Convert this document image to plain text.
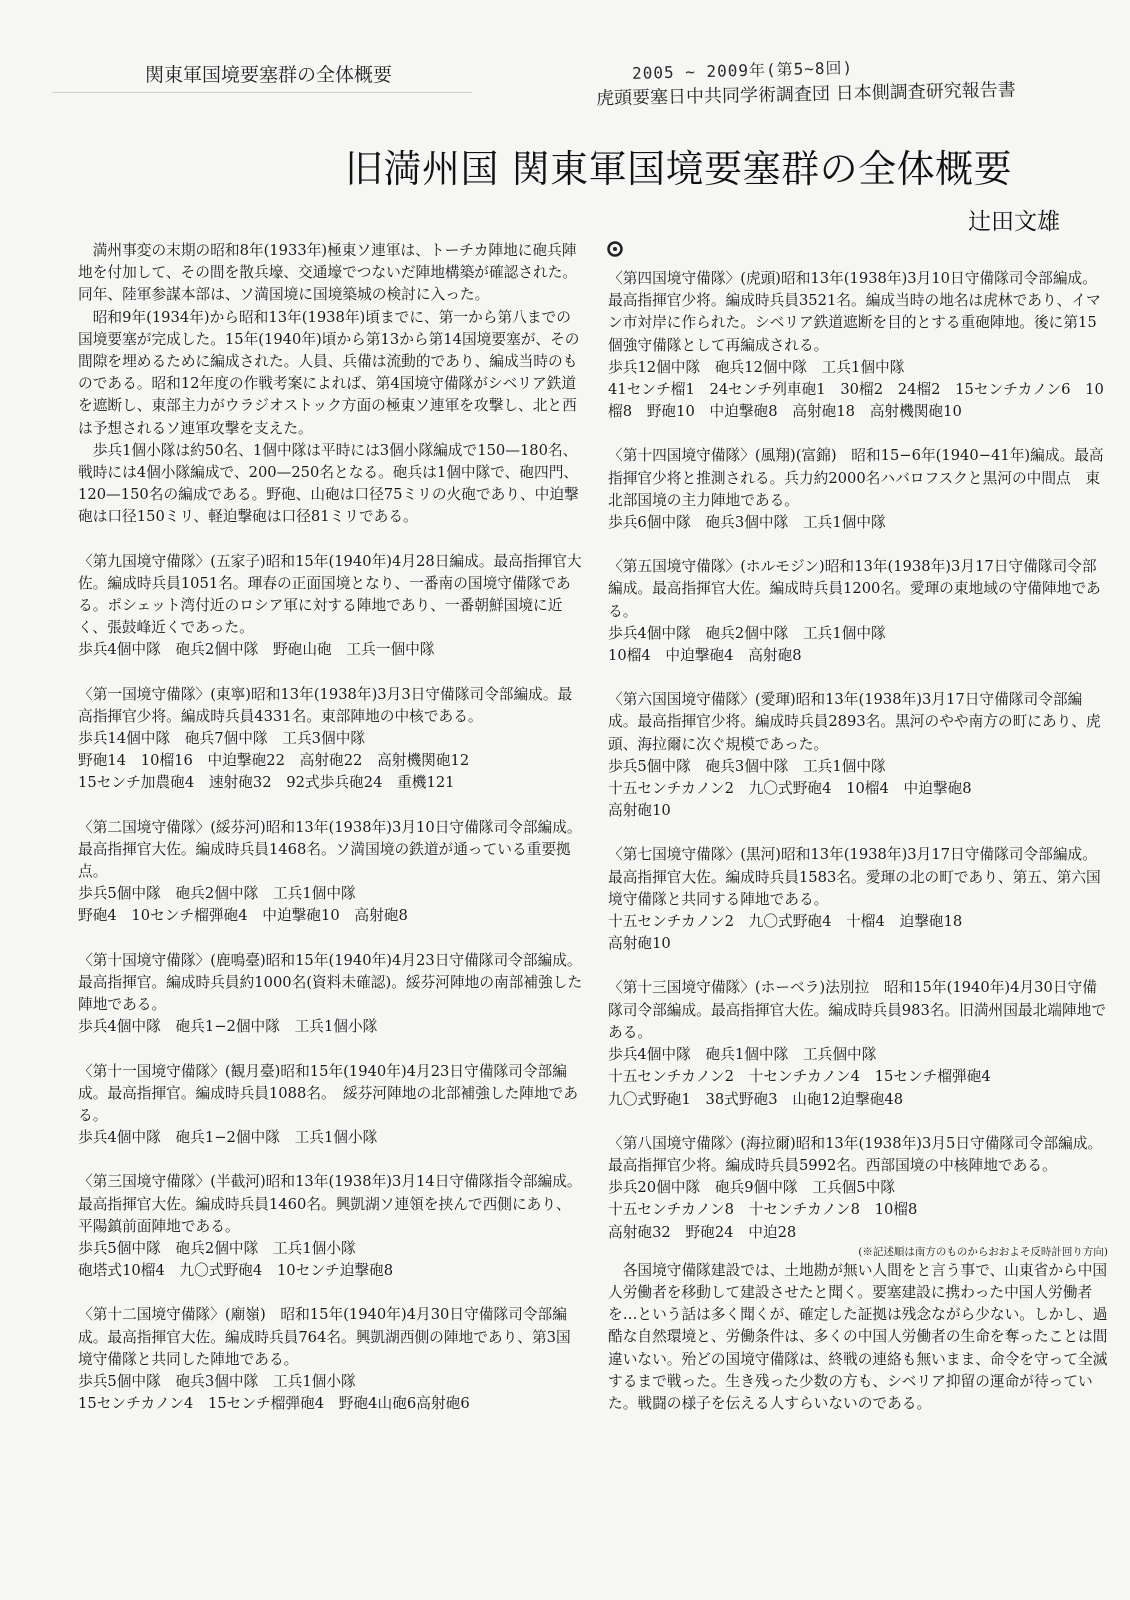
関東軍国境要塞群の全体概要	2005 ~ 2009年(第5~8回)
虎頭要塞日中共同学術調査団 日本側調査研究報告書
旧満州国 関東軍国境要塞群の全体概要
辻田文雄

満州事変の末期の昭和8年(1933年)極東ソ連軍は、トーチカ陣地に砲兵陣地を付加して、その間を散兵壕、交通壕でつないだ陣地構築が確認された。同年、陸軍参謀本部は、ソ満国境に国境築城の検討に入った。

昭和9年(1934年)から昭和13年(1938年)頃までに、第一から第八までの国境要塞が完成した。15年(1940年)頃から第13から第14国境要塞が、その間隙を埋めるために編成された。人員、兵備は流動的であり、編成当時のものである。昭和12年度の作戦考案によれば、第4国境守備隊がシベリア鉄道を遮断し、東部主力がウラジオストック方面の極東ソ連軍を攻撃し、北と西は予想されるソ連軍攻撃を支えた。

歩兵1個小隊は約50名、1個中隊は平時には3個小隊編成で150—180名、戦時には4個小隊編成で、200—250名となる。砲兵は1個中隊で、砲四門、120—150名の編成である。野砲、山砲は口径75ミリの火砲であり、中迫撃砲は口径150ミリ、軽迫撃砲は口径81ミリである。

〈第九国境守備隊〉(五家子)昭和15年(1940年)4月28日編成。最高指揮官大佐。編成時兵員1051名。琿春の正面国境となり、一番南の国境守備隊である。ポシェット湾付近のロシア軍に対する陣地であり、一番朝鮮国境に近く、張鼓峰近くであった。

歩兵4個中隊　砲兵2個中隊　野砲山砲　工兵一個中隊

〈第一国境守備隊〉(東寧)昭和13年(1938年)3月3日守備隊司令部編成。最高指揮官少将。編成時兵員4331名。東部陣地の中核である。

歩兵14個中隊　砲兵7個中隊　工兵3個中隊
野砲14　10榴16　中迫撃砲22　高射砲22　高射機関砲12
15センチ加農砲4　速射砲32　92式歩兵砲24　重機121

〈第二国境守備隊〉(綏芬河)昭和13年(1938年)3月10日守備隊司令部編成。最高指揮官大佐。編成時兵員1468名。ソ満国境の鉄道が通っている重要拠点。

歩兵5個中隊　砲兵2個中隊　工兵1個中隊
野砲4　10センチ榴弾砲4　中迫撃砲10　高射砲8

〈第十国境守備隊〉(鹿鳴臺)昭和15年(1940年)4月23日守備隊司令部編成。最高指揮官。編成時兵員約1000名(資料未確認)。綏芬河陣地の南部補強した陣地である。

歩兵4個中隊　砲兵1−2個中隊　工兵1個小隊

〈第十一国境守備隊〉(観月臺)昭和15年(1940年)4月23日守備隊司令部編成。最高指揮官。編成時兵員1088名。　綏芬河陣地の北部補強した陣地である。

歩兵4個中隊　砲兵1−2個中隊　工兵1個小隊

〈第三国境守備隊〉(半截河)昭和13年(1938年)3月14日守備隊指令部編成。最高指揮官大佐。編成時兵員1460名。興凱湖ソ連領を挟んで西側にあり、平陽鎮前面陣地である。

歩兵5個中隊　砲兵2個中隊　工兵1個小隊
砲塔式10榴4　九〇式野砲4　10センチ迫撃砲8

〈第十二国境守備隊〉(廟嶺)　昭和15年(1940年)4月30日守備隊司令部編成。最高指揮官大佐。編成時兵員764名。興凱湖西側の陣地であり、第3国境守備隊と共同した陣地である。

歩兵5個中隊　砲兵3個中隊　工兵1個小隊
15センチカノン4　15センチ榴弾砲4　野砲4山砲6高射砲6

〈第四国境守備隊〉(虎頭)昭和13年(1938年)3月10日守備隊司令部編成。最高指揮官少将。編成時兵員3521名。編成当時の地名は虎林であり、イマン市対岸に作られた。シベリア鉄道遮断を目的とする重砲陣地。後に第15個強守備隊として再編成される。

歩兵12個中隊　砲兵12個中隊　工兵1個中隊
41センチ榴1　24センチ列車砲1　30榴2　24榴2　15センチカノン6　10榴8　野砲10　中迫撃砲8　高射砲18　高射機関砲10

〈第十四国境守備隊〉(風翔)(富錦)　昭和15−6年(1940−41年)編成。最高指揮官少将と推測される。兵力約2000名ハバロフスクと黒河の中間点　東北部国境の主力陣地である。

歩兵6個中隊　砲兵3個中隊　工兵1個中隊

〈第五国境守備隊〉(ホルモジン)昭和13年(1938年)3月17日守備隊司令部編成。最高指揮官大佐。編成時兵員1200名。愛琿の東地域の守備陣地である。

歩兵4個中隊　砲兵2個中隊　工兵1個中隊
10榴4　中迫撃砲4　高射砲8

〈第六国国境守備隊〉(愛琿)昭和13年(1938年)3月17日守備隊司令部編成。最高指揮官少将。編成時兵員2893名。黒河のやや南方の町にあり、虎頭、海拉爾に次ぐ規模であった。

歩兵5個中隊　砲兵3個中隊　工兵1個中隊
十五センチカノン2　九〇式野砲4　10榴4　中迫撃砲8
高射砲10

〈第七国境守備隊〉(黒河)昭和13年(1938年)3月17日守備隊司令部編成。最高指揮官大佐。編成時兵員1583名。愛琿の北の町であり、第五、第六国境守備隊と共同する陣地である。

十五センチカノン2　九〇式野砲4　十榴4　迫撃砲18
高射砲10

〈第十三国境守備隊〉(ホーベラ)法別拉　昭和15年(1940年)4月30日守備隊司令部編成。最高指揮官大佐。編成時兵員983名。旧満州国最北端陣地である。

歩兵4個中隊　砲兵1個中隊　工兵個中隊
十五センチカノン2　十センチカノン4　15センチ榴弾砲4
九〇式野砲1　38式野砲3　山砲12迫撃砲48

〈第八国境守備隊〉(海拉爾)昭和13年(1938年)3月5日守備隊司令部編成。最高指揮官少将。編成時兵員5992名。西部国境の中核陣地である。

歩兵20個中隊　砲兵9個中隊　工兵個5中隊
十五センチカノン8　十センチカノン8　10榴8
高射砲32　野砲24　中迫28

(※記述順は南方のものからおおよそ反時計回り方向)

各国境守備隊建設では、土地勘が無い人間をと言う事で、山東省から中国人労働者を移動して建設させたと聞く。要塞建設に携わった中国人労働者を…という話は多く聞くが、確定した証拠は残念ながら少ない。しかし、過酷な自然環境と、労働条件は、多くの中国人労働者の生命を奪ったことは間違いない。殆どの国境守備隊は、終戦の連絡も無いまま、命令を守って全滅するまで戦った。生き残った少数の方も、シベリア抑留の運命が待っていた。戦闘の様子を伝える人すらいないのである。
